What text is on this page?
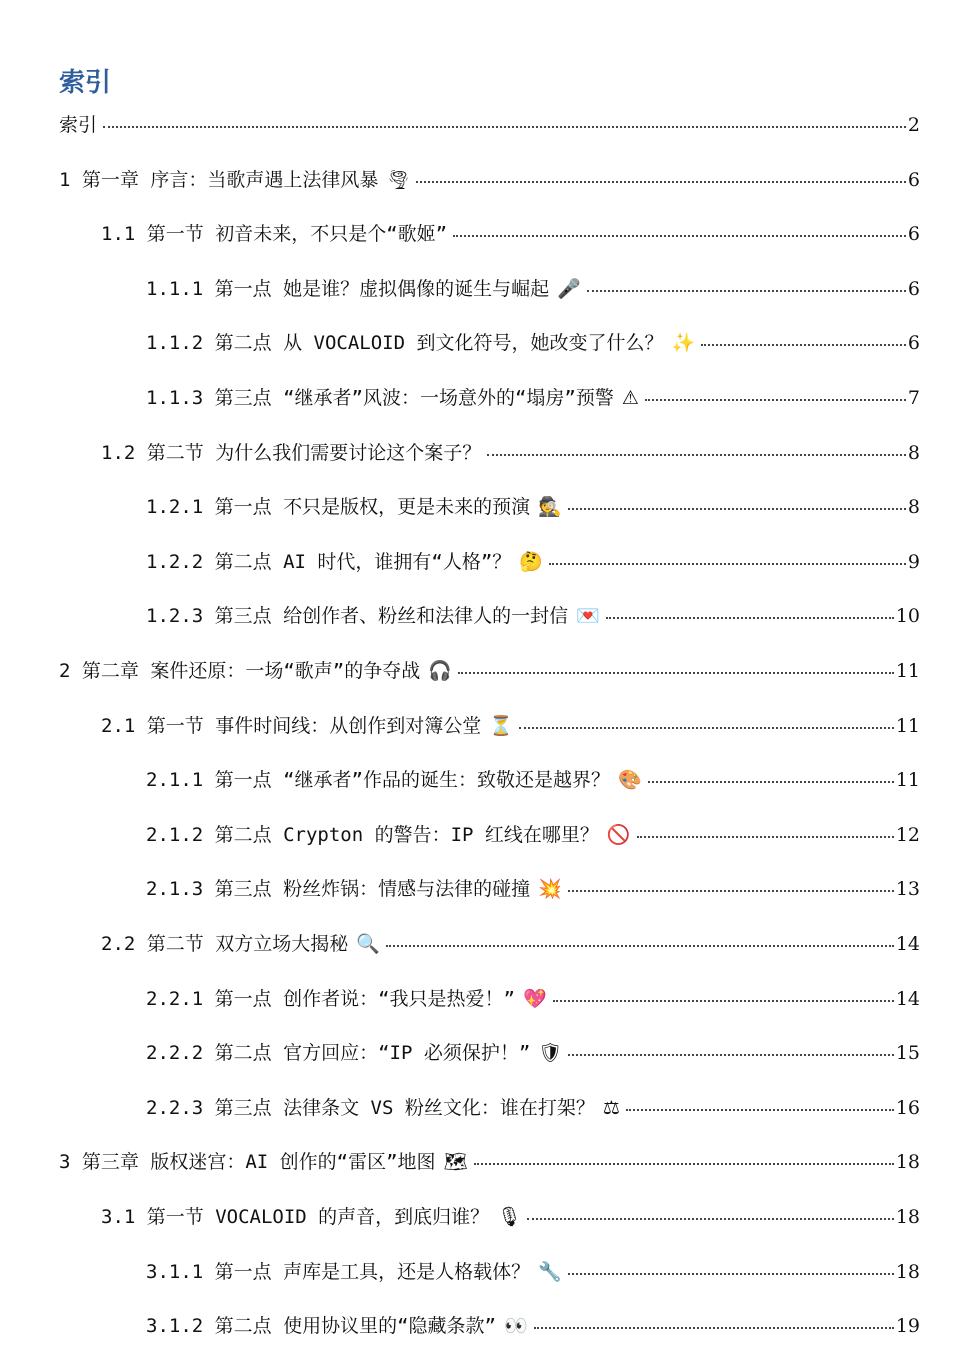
索引
索引	2
1 第一章 序言：当歌声遇上法律风暴 🌪	6
1.1 第一节 初音未来，不只是个“歌姬”	6
1.1.1 第一点 她是谁？虚拟偶像的诞生与崛起 🎤	6
1.1.2 第二点 从 VOCALOID 到文化符号，她改变了什么？ ✨	6
1.1.3 第三点 “继承者”风波：一场意外的“塌房”预警 ⚠	7
1.2 第二节 为什么我们需要讨论这个案子？	8
1.2.1 第一点 不只是版权，更是未来的预演 🕵	8
1.2.2 第二点 AI 时代，谁拥有“人格”？ 🤔	9
1.2.3 第三点 给创作者、粉丝和法律人的一封信 💌	10
2 第二章 案件还原：一场“歌声”的争夺战 🎧	11
2.1 第一节 事件时间线：从创作到对簿公堂 ⏳	11
2.1.1 第一点 “继承者”作品的诞生：致敬还是越界？ 🎨	11
2.1.2 第二点 Crypton 的警告：IP 红线在哪里？ 🚫	12
2.1.3 第三点 粉丝炸锅：情感与法律的碰撞 💥	13
2.2 第二节 双方立场大揭秘 🔍	14
2.2.1 第一点 创作者说：“我只是热爱！” 💖	14
2.2.2 第二点 官方回应：“IP 必须保护！” 🛡	15
2.2.3 第三点 法律条文 VS 粉丝文化：谁在打架？ ⚖	16
3 第三章 版权迷宫：AI 创作的“雷区”地图 🗺	18
3.1 第一节 VOCALOID 的声音，到底归谁？ 🎙	18
3.1.1 第一点 声库是工具，还是人格载体？ 🔧	18
3.1.2 第二点 使用协议里的“隐藏条款” 👀	19
